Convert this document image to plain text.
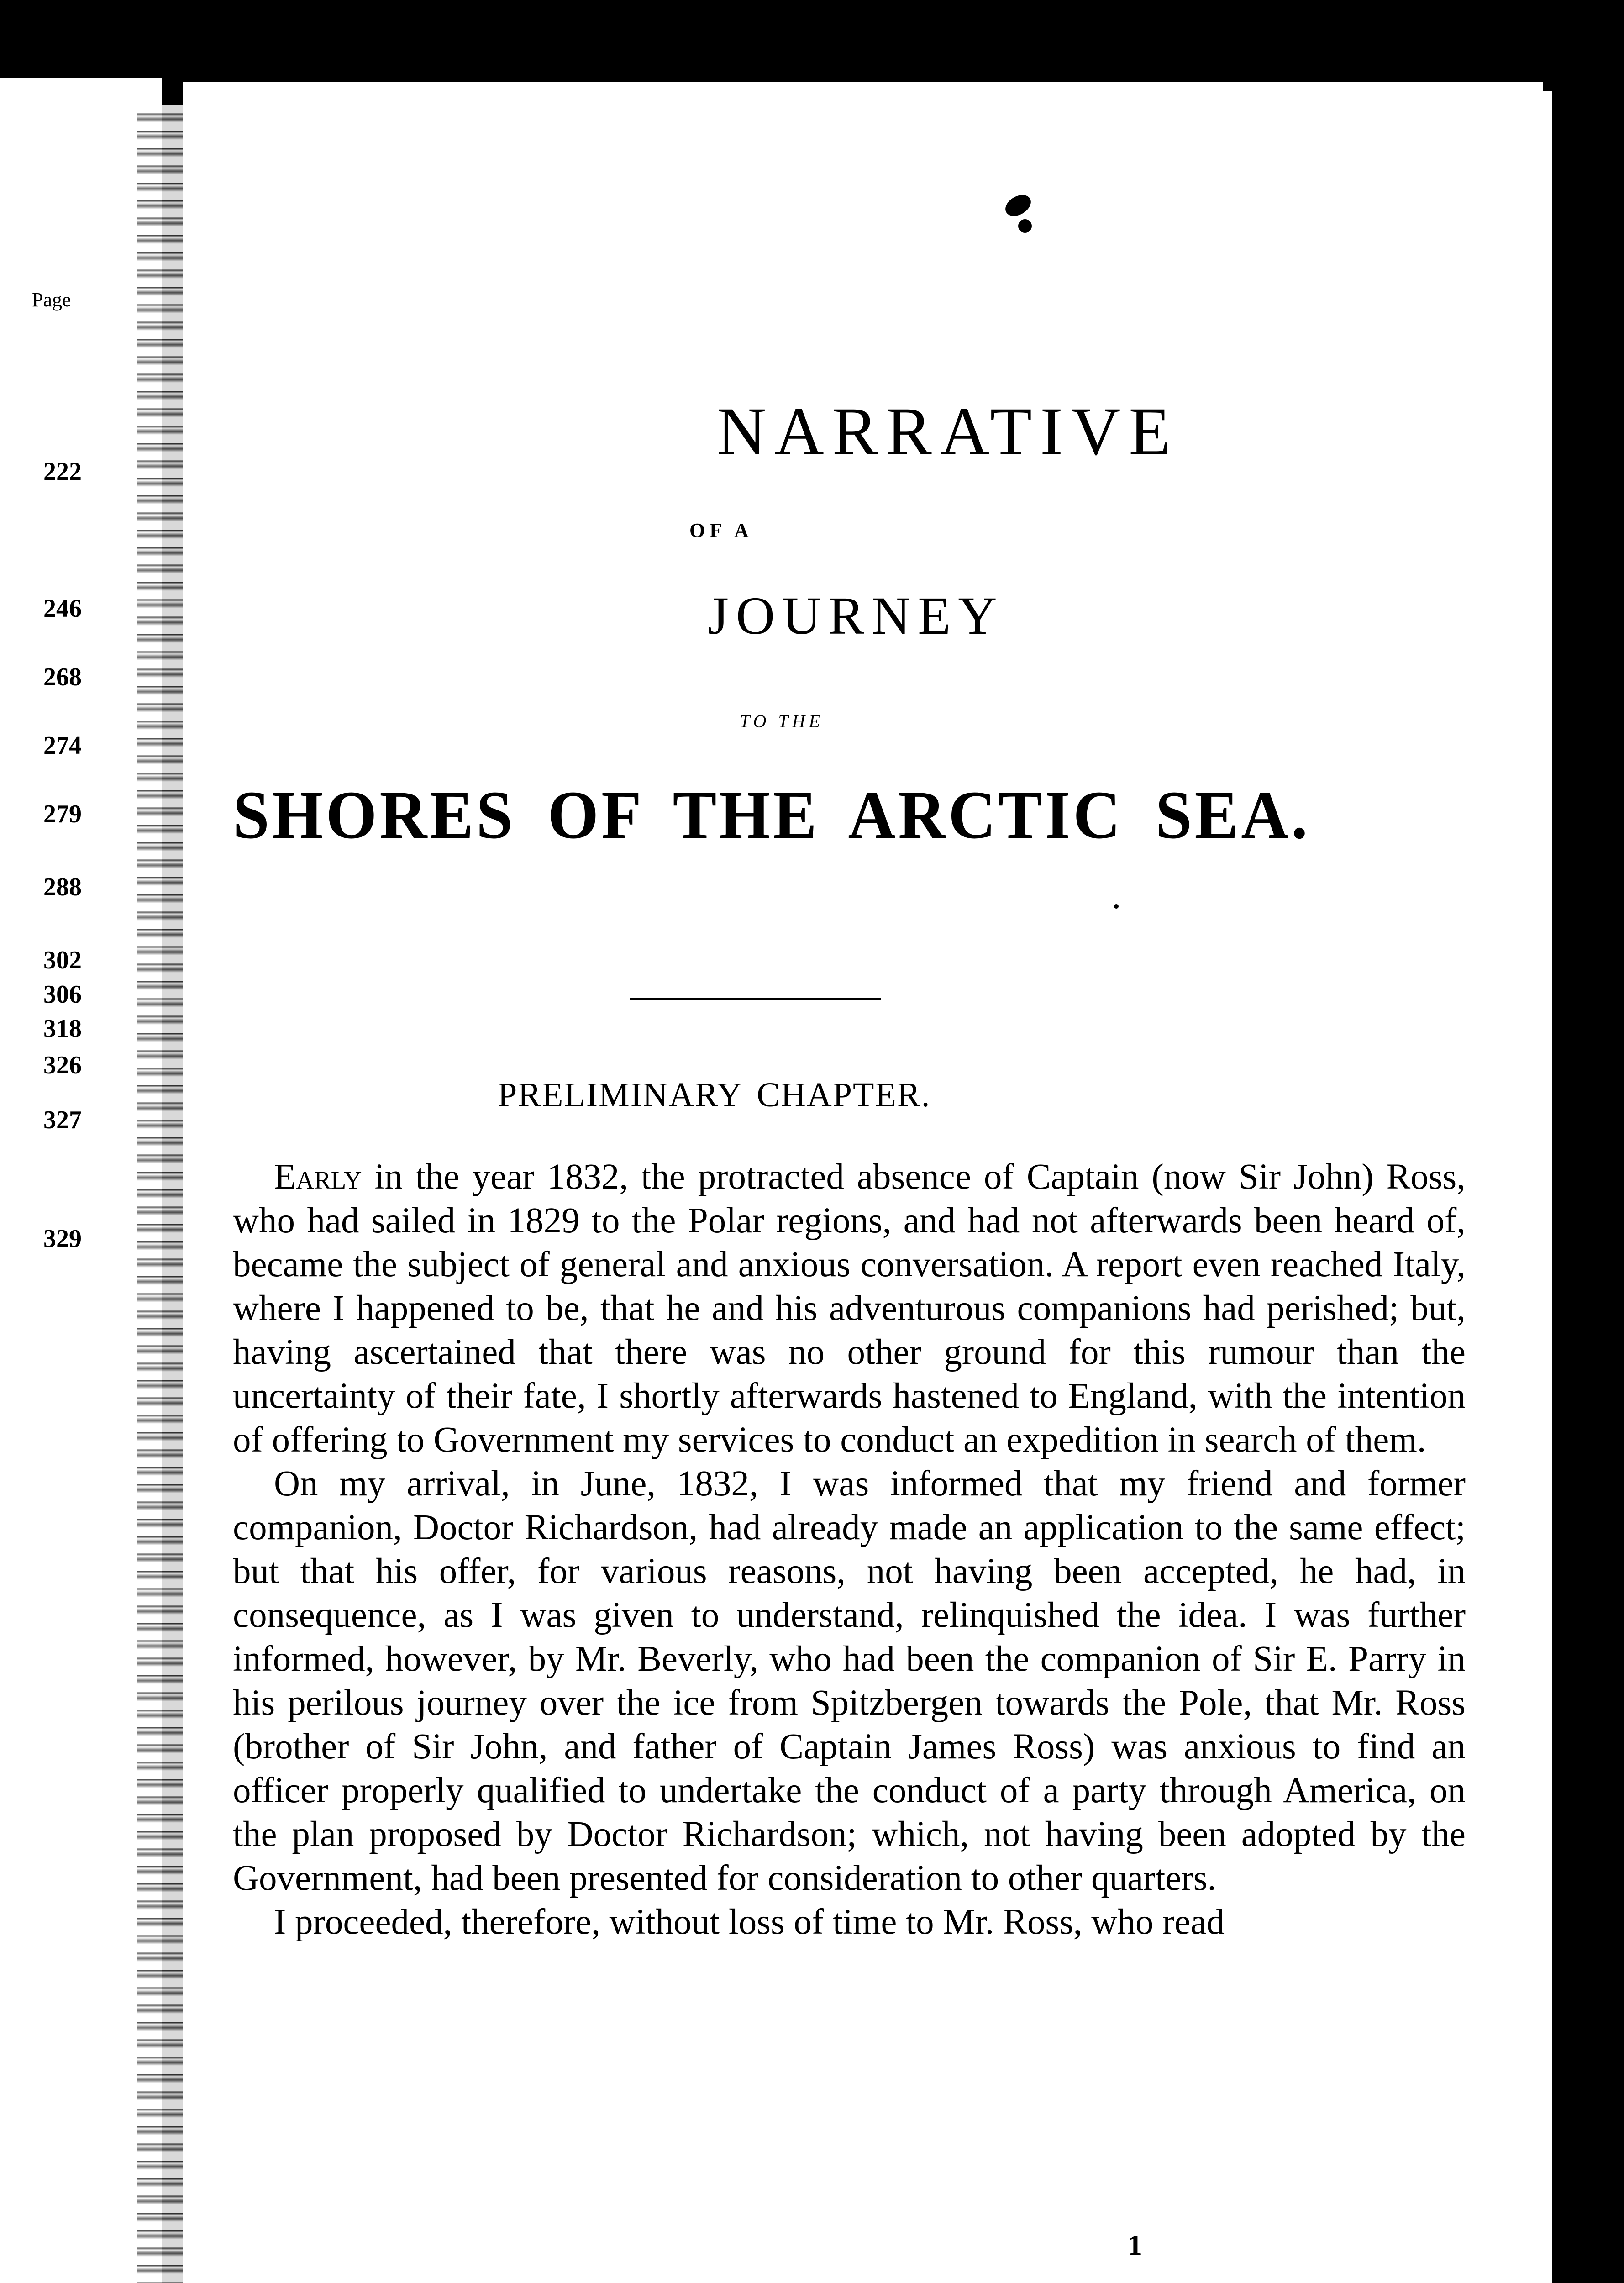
Page
222
246
268
274
279
288
302
306
318
326
327
329
NARRATIVE
OF A
JOURNEY
TO THE
SHORES OF THE ARCTIC SEA.
PRELIMINARY CHAPTER.

Early in the year 1832, the protracted absence of Captain (now Sir John) Ross, who had sailed in 1829 to the Polar regions, and had not afterwards been heard of, became the subject of general and anxious conversation. A report even reached Italy, where I happened to be, that he and his adventurous companions had perished; but, having ascertained that there was no other ground for this rumour than the uncertainty of their fate, I shortly afterwards hastened to England, with the intention of offering to Government my services to conduct an expedition in search of them.

On my arrival, in June, 1832, I was informed that my friend and former companion, Doctor Richardson, had already made an application to the same effect; but that his offer, for various reasons, not having been accepted, he had, in consequence, as I was given to understand, relinquished the idea. I was further informed, however, by Mr. Beverly, who had been the companion of Sir E. Parry in his perilous journey over the ice from Spitzbergen towards the Pole, that Mr. Ross (brother of Sir John, and father of Captain James Ross) was anxious to find an officer properly qualified to undertake the conduct of a party through America, on the plan proposed by Doctor Richardson; which, not having been adopted by the Government, had been presented for consideration to other quarters.

I proceeded, therefore, without loss of time to Mr. Ross, who read

1
